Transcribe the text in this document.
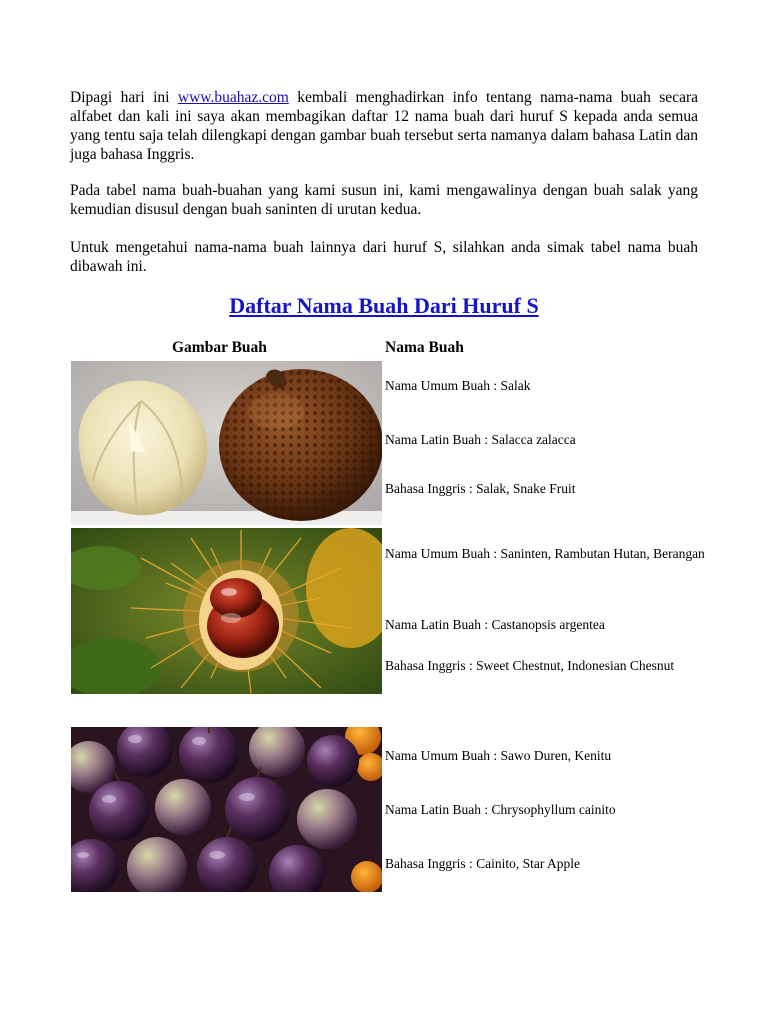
Dipagi hari ini www.buahaz.com kembali menghadirkan info tentang nama-nama buah secara alfabet dan kali ini saya akan membagikan daftar 12 nama buah dari huruf S kepada anda semua yang tentu saja telah dilengkapi dengan gambar buah tersebut serta namanya dalam bahasa Latin dan juga bahasa Inggris.

Pada tabel nama buah-buahan yang kami susun ini, kami mengawalinya dengan buah salak yang kemudian disusul dengan buah saninten di urutan kedua.

Untuk mengetahui nama-nama buah lainnya dari huruf S, silahkan anda simak tabel nama buah dibawah ini.

Daftar Nama Buah Dari Huruf S
Gambar Buah	Nama Buah

Nama Umum Buah : Salak

Nama Latin Buah : Salacca zalacca

Bahasa Inggris : Salak, Snake Fruit

Nama Umum Buah : Saninten, Rambutan Hutan, Berangan

Nama Latin Buah : Castanopsis argentea

Bahasa Inggris : Sweet Chestnut, Indonesian Chesnut

Nama Umum Buah : Sawo Duren, Kenitu

Nama Latin Buah : Chrysophyllum cainito

Bahasa Inggris : Cainito, Star Apple
